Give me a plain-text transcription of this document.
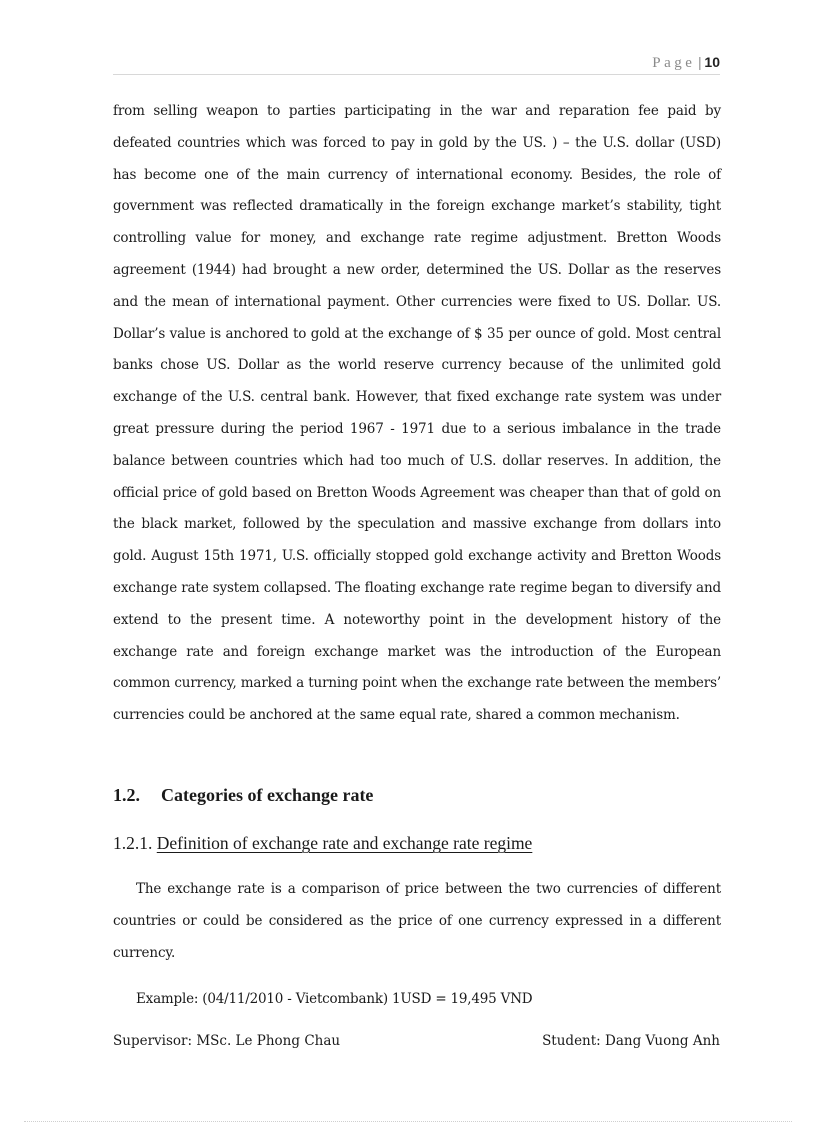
Page | 10

from selling weapon to parties participating in the war and reparation fee paid by defeated countries which was forced to pay in gold by the US. ) – the U.S. dollar (USD) has become one of the main currency of international economy. Besides, the role of government was reflected dramatically in the foreign exchange market’s stability, tight controlling value for money, and exchange rate regime adjustment. Bretton Woods agreement (1944) had brought a new order, determined the US. Dollar as the reserves and the mean of international payment. Other currencies were fixed to US. Dollar. US. Dollar’s value is anchored to gold at the exchange of $ 35 per ounce of gold. Most central banks chose US. Dollar as the world reserve currency because of the unlimited gold exchange of the U.S. central bank. However, that fixed exchange rate system was under great pressure during the period 1967 - 1971 due to a serious imbalance in the trade balance between countries which had too much of U.S. dollar reserves. In addition, the official price of gold based on Bretton Woods Agreement was cheaper than that of gold on the black market, followed by the speculation and massive exchange from dollars into gold. August 15th 1971, U.S. officially stopped gold exchange activity and Bretton Woods exchange rate system collapsed. The floating exchange rate regime began to diversify and extend to the present time. A noteworthy point in the development history of the exchange rate and foreign exchange market was the introduction of the European common currency, marked a turning point when the exchange rate between the members’ currencies could be anchored at the same equal rate, shared a common mechanism.

1.2. Categories of exchange rate
1.2.1. Definition of exchange rate and exchange rate regime

The exchange rate is a comparison of price between the two currencies of different countries or could be considered as the price of one currency expressed in a different currency.

Example: (04/11/2010 - Vietcombank) 1USD = 19,495 VND

Supervisor: MSc. Le Phong Chau	Student: Dang Vuong Anh
